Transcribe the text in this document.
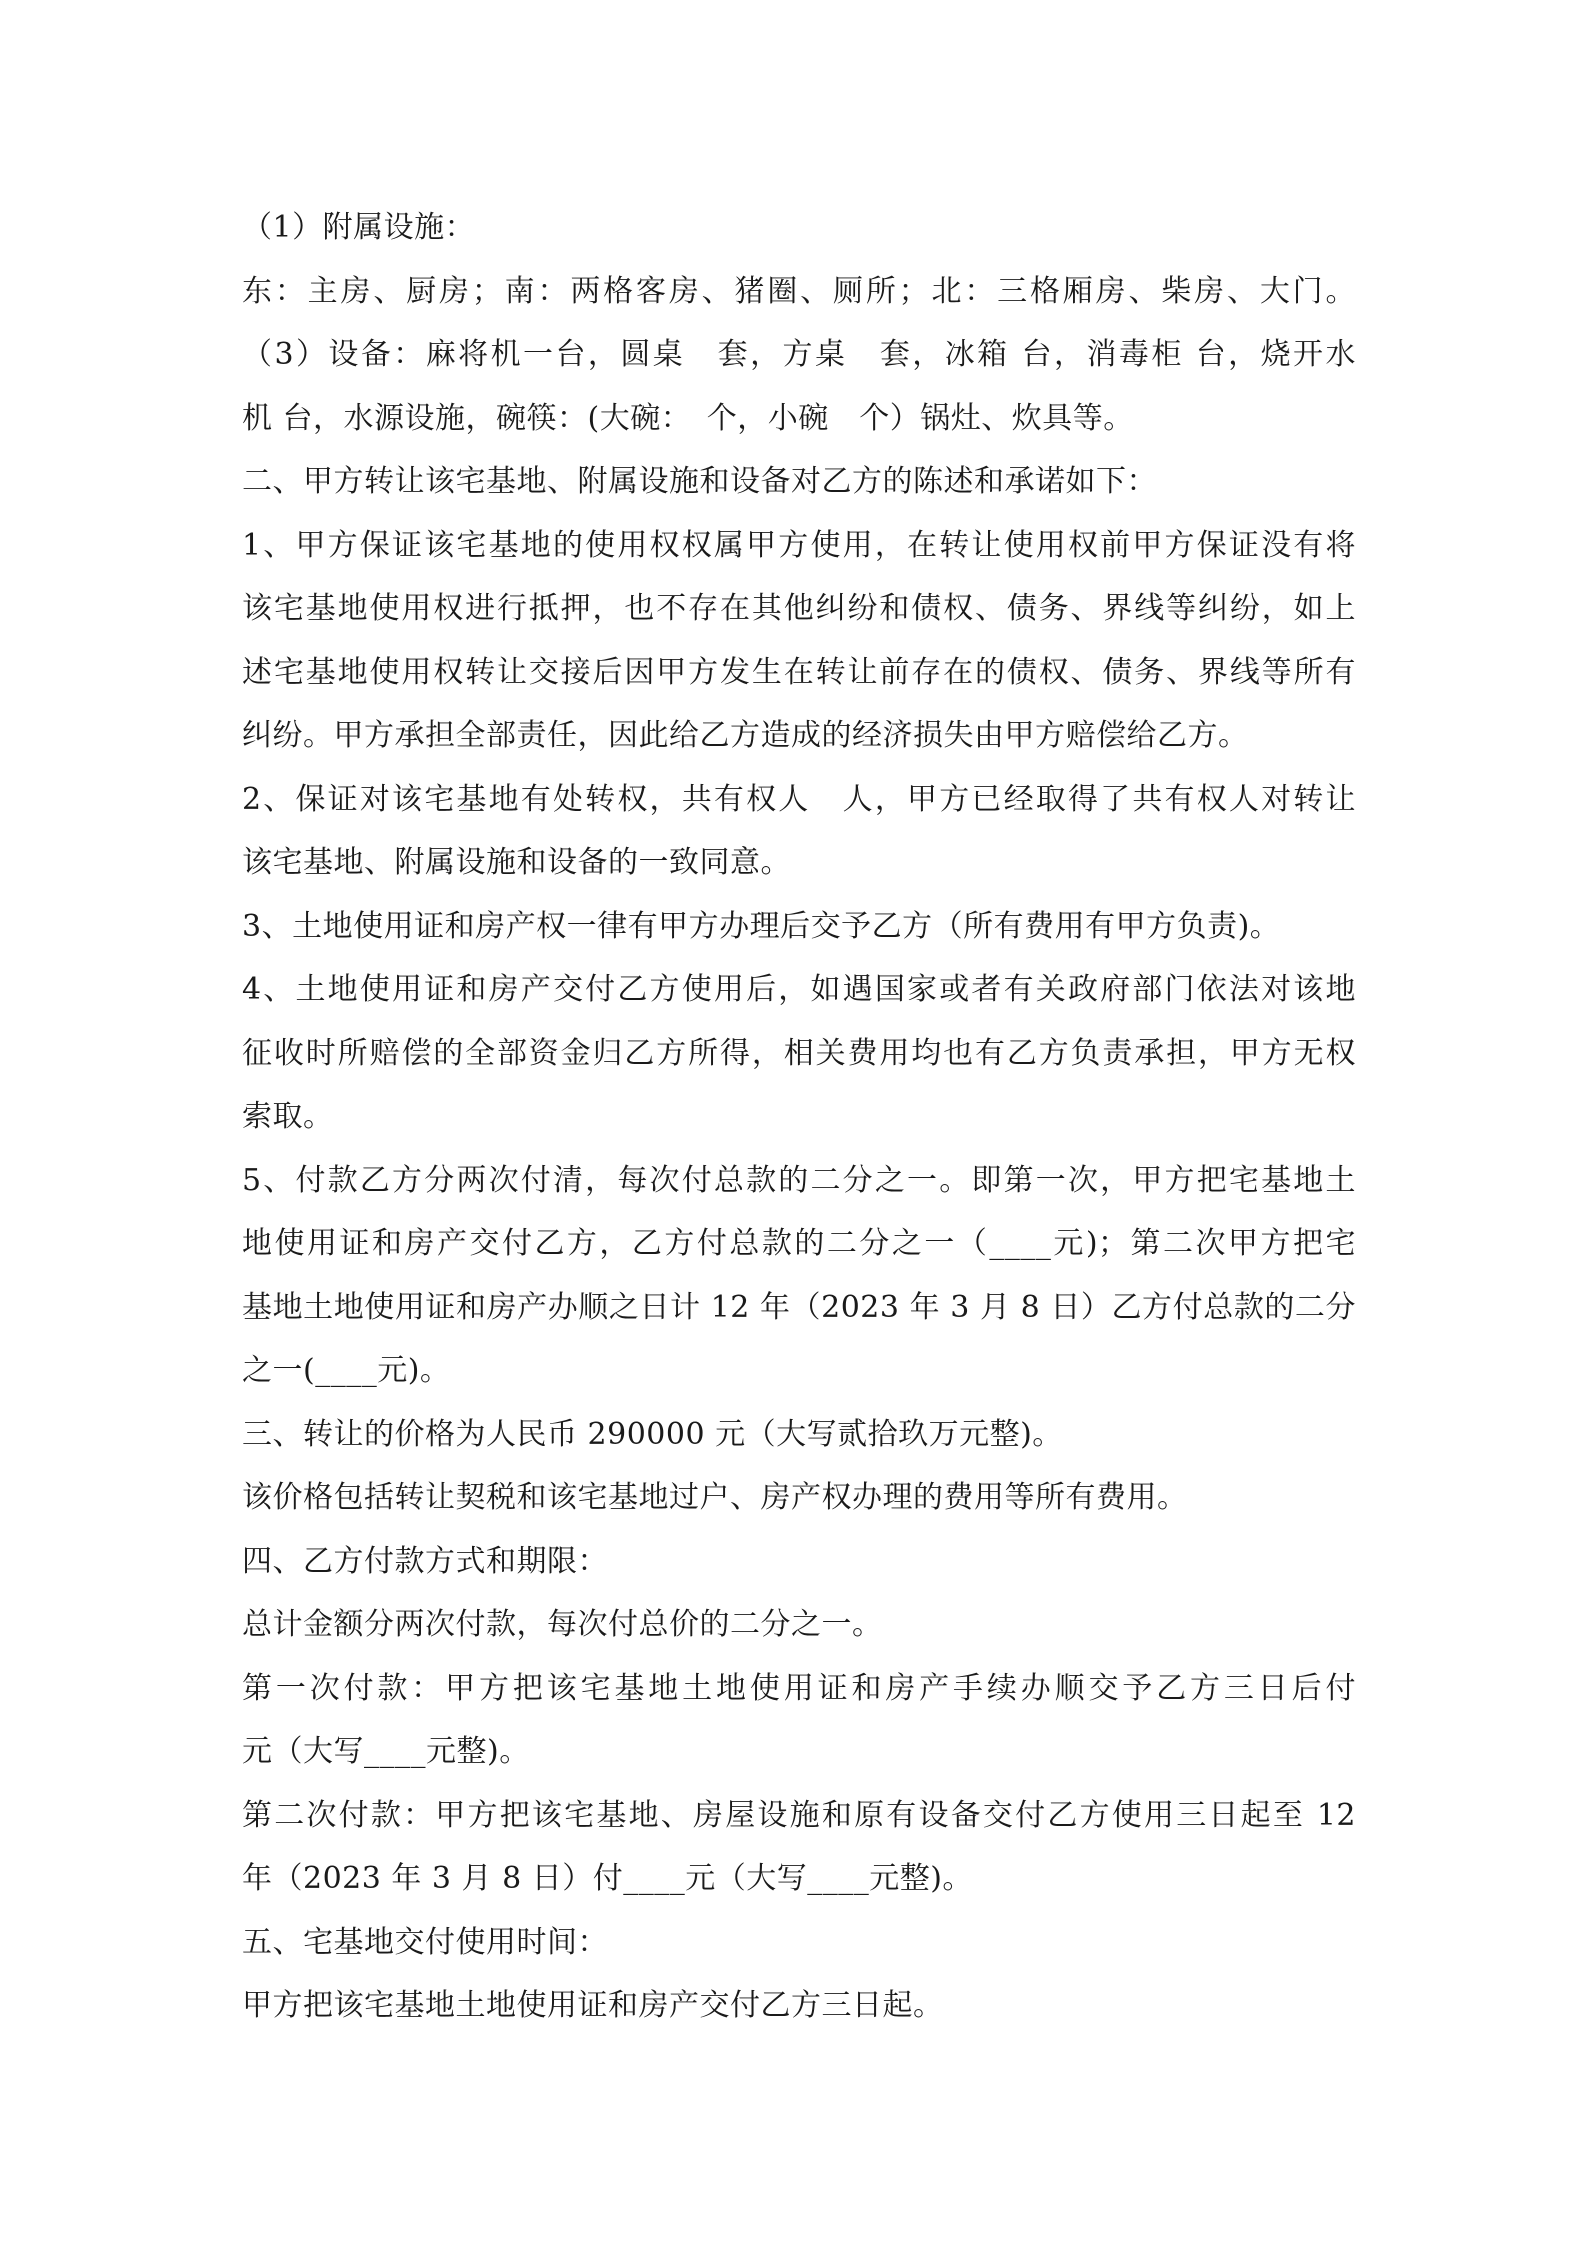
（1）附属设施：
东：主房、厨房；南：两格客房、猪圈、厕所；北：三格厢房、柴房、大门。
（3）设备：麻将机一台，圆桌　套，方桌　套，冰箱 台，消毒柜 台，烧开水
机 台，水源设施，碗筷：(大碗：　个，小碗　个）锅灶、炊具等。
二、甲方转让该宅基地、附属设施和设备对乙方的陈述和承诺如下：
1、甲方保证该宅基地的使用权权属甲方使用，在转让使用权前甲方保证没有将
该宅基地使用权进行抵押，也不存在其他纠纷和债权、债务、界线等纠纷，如上
述宅基地使用权转让交接后因甲方发生在转让前存在的债权、债务、界线等所有
纠纷。甲方承担全部责任，因此给乙方造成的经济损失由甲方赔偿给乙方。
2、保证对该宅基地有处转权，共有权人　人，甲方已经取得了共有权人对转让
该宅基地、附属设施和设备的一致同意。
3、土地使用证和房产权一律有甲方办理后交予乙方（所有费用有甲方负责)。
4、土地使用证和房产交付乙方使用后，如遇国家或者有关政府部门依法对该地
征收时所赔偿的全部资金归乙方所得，相关费用均也有乙方负责承担，甲方无权
索取。
5、付款乙方分两次付清，每次付总款的二分之一。即第一次，甲方把宅基地土
地使用证和房产交付乙方，乙方付总款的二分之一（____元)；第二次甲方把宅
基地土地使用证和房产办顺之日计 12 年（2023 年 3 月 8 日）乙方付总款的二分
之一(____元)。
三、转让的价格为人民币 290000 元（大写贰拾玖万元整)。
该价格包括转让契税和该宅基地过户、房产权办理的费用等所有费用。
四、乙方付款方式和期限：
总计金额分两次付款，每次付总价的二分之一。
第一次付款：甲方把该宅基地土地使用证和房产手续办顺交予乙方三日后付
元（大写____元整)。
第二次付款：甲方把该宅基地、房屋设施和原有设备交付乙方使用三日起至 12
年（2023 年 3 月 8 日）付____元（大写____元整)。
五、宅基地交付使用时间：
甲方把该宅基地土地使用证和房产交付乙方三日起。
